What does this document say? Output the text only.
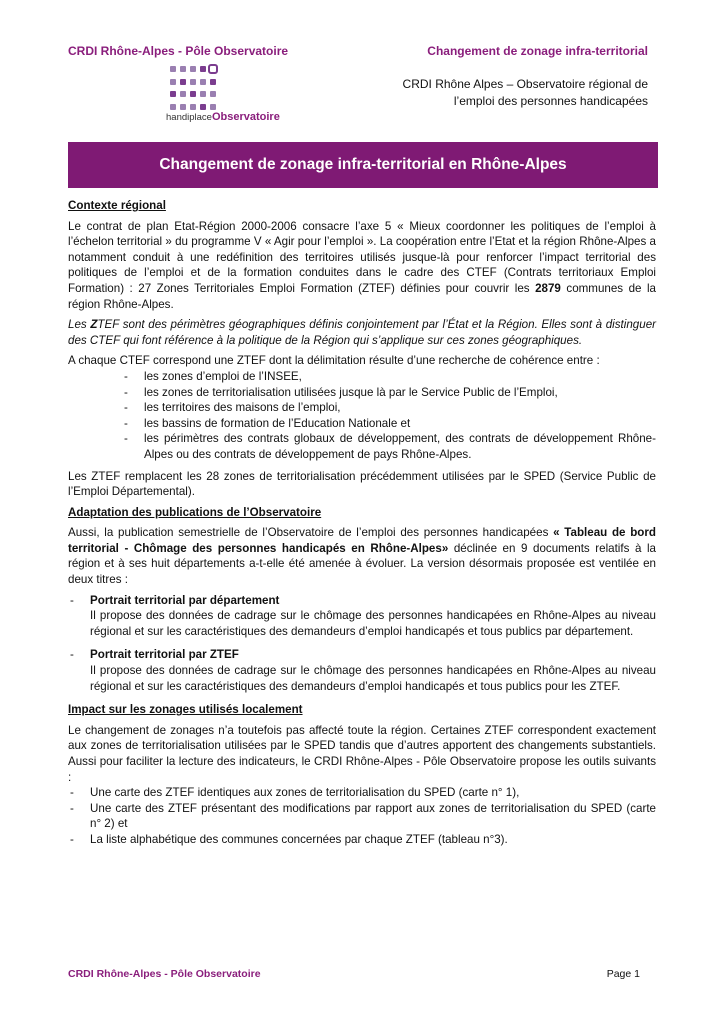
CRDI Rhône-Alpes - Pôle Observatoire	Changement de zonage infra-territorial
handiplaceObservatoire
CRDI Rhône Alpes – Observatoire régional de
l’emploi des personnes handicapées
Changement de zonage infra-territorial en Rhône-Alpes
Contexte régional

Le contrat de plan Etat-Région 2000-2006 consacre l’axe 5 « Mieux coordonner les politiques de l’emploi à l’échelon territorial » du programme V « Agir pour l’emploi ». La coopération entre l’Etat et la région Rhône-Alpes a notamment conduit à une redéfinition des territoires utilisés jusque-là pour renforcer l’impact territorial des politiques de l’emploi et de la formation conduites dans le cadre des CTEF (Contrats territoriaux Emploi Formation) : 27 Zones Territoriales Emploi Formation (ZTEF) définies pour couvrir les 2879 communes de la région Rhône-Alpes.

Les ZTEF sont des périmètres géographiques définis conjointement par l’État et la Région. Elles sont à distinguer des CTEF qui font référence à la politique de la Région qui s’applique sur ces zones géographiques.

A chaque CTEF correspond une ZTEF dont la délimitation résulte d’une recherche de cohérence entre :

- les zones d’emploi de l’INSEE,
- les zones de territorialisation utilisées jusque là par le Service Public de l’Emploi,
- les territoires des maisons de l’emploi,
- les bassins de formation de l’Education Nationale et
- les périmètres des contrats globaux de développement, des contrats de développement Rhône-Alpes ou des contrats de développement de pays Rhône-Alpes.

Les ZTEF remplacent les 28 zones de territorialisation précédemment utilisées par le SPED (Service Public de l’Emploi Départemental).

Adaptation des publications de l’Observatoire

Aussi, la publication semestrielle de l’Observatoire de l’emploi des personnes handicapées « Tableau de bord territorial - Chômage des personnes handicapés en Rhône-Alpes» déclinée en 9 documents relatifs à la région et à ses huit départements a-t-elle été amenée à évoluer. La version désormais proposée est ventilée en deux titres :

- Portrait territorial par département
Il propose des données de cadrage sur le chômage des personnes handicapées en Rhône-Alpes au niveau régional et sur les caractéristiques des demandeurs d’emploi handicapés et tous publics par département.
- Portrait territorial par ZTEF
Il propose des données de cadrage sur le chômage des personnes handicapées en Rhône-Alpes au niveau régional et sur les caractéristiques des demandeurs d’emploi handicapés et tous publics pour les ZTEF.
Impact sur les zonages utilisés localement

Le changement de zonages n’a toutefois pas affecté toute la région. Certaines ZTEF correspondent exactement aux zones de territorialisation utilisées par le SPED tandis que d’autres apportent des changements substantiels. Aussi pour faciliter la lecture des indicateurs, le CRDI Rhône-Alpes - Pôle Observatoire propose les outils suivants :

- Une carte des ZTEF identiques aux zones de territorialisation du SPED (carte n° 1),
- Une carte des ZTEF présentant des modifications par rapport aux zones de territorialisation du SPED (carte n° 2) et
- La liste alphabétique des communes concernées par chaque ZTEF (tableau n°3).
CRDI Rhône-Alpes - Pôle Observatoire	Page 1
